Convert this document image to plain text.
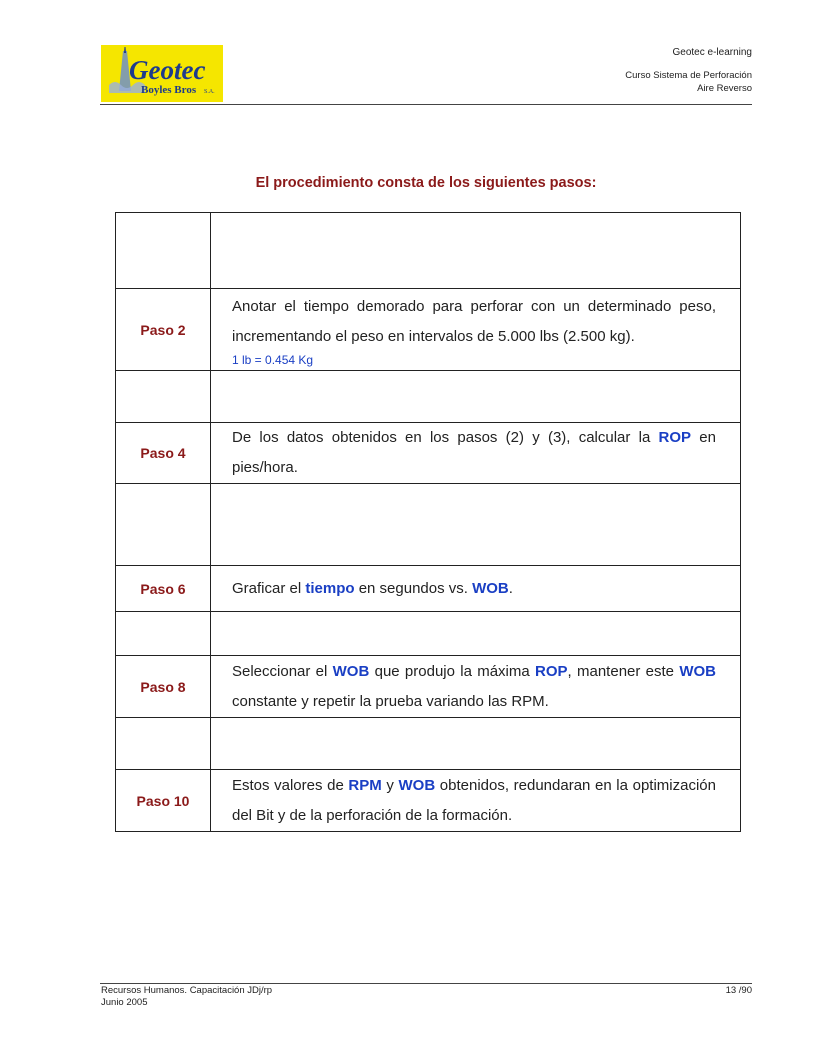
Geotec
Boyles Bros S.A.
Geotec e-learning
Curso Sistema de Perforación
Aire Reverso
El procedimiento consta de los siguientes pasos:

Paso 2	Anotar el tiempo demorado para perforar con un determinado peso, incrementando el peso en intervalos de 5.000 lbs (2.500 kg).
1 lb = 0.454 Kg

Paso 4	De los datos obtenidos en los pasos (2) y (3), calcular la ROP en pies/hora.

Paso 6	Graficar el tiempo en segundos vs. WOB.

Paso 8	Seleccionar el WOB que produjo la máxima ROP, mantener este WOB constante y repetir la prueba variando las RPM.

Paso 10	Estos valores de RPM y WOB obtenidos, redundaran en la optimización del Bit y de la perforación de la formación.
Recursos Humanos. Capacitación JDj/rp
Junio 2005
13 /90
